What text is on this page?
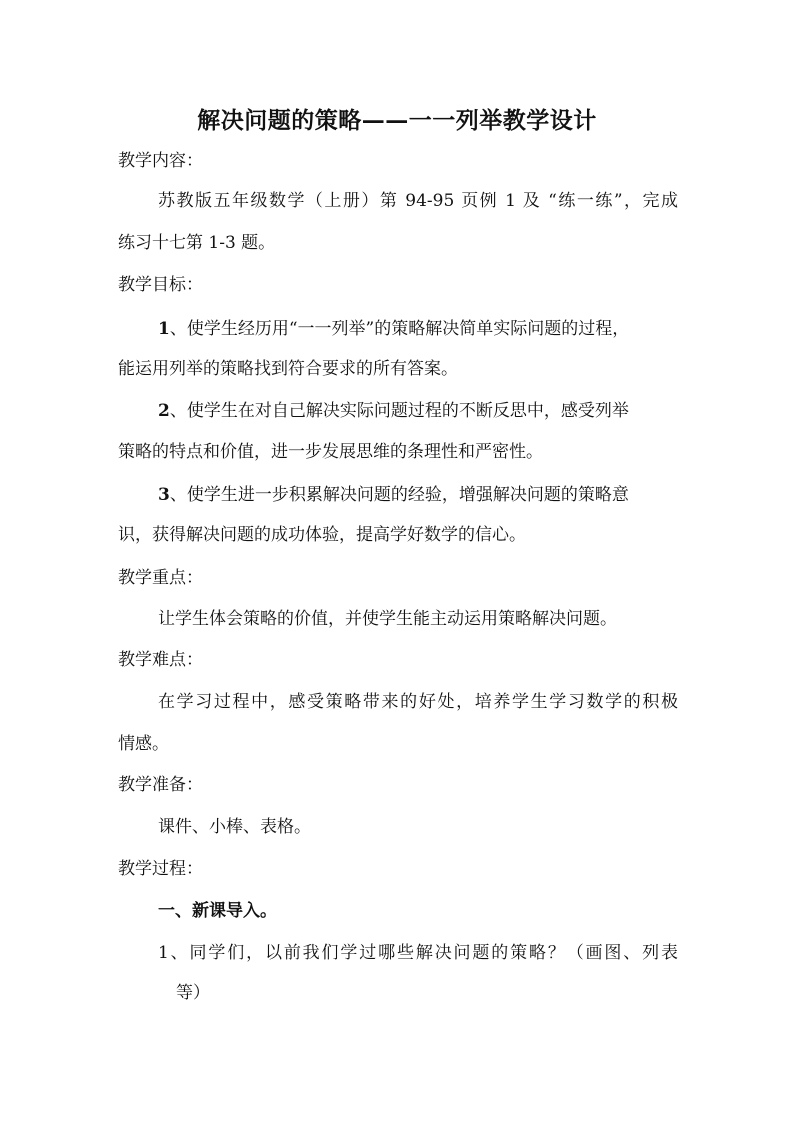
解决问题的策略——一一列举教学设计
教学内容：
苏教版五年级数学（上册）第 94-95 页例 1 及 “练一练”，完成
练习十七第 1-3 题。
教学目标：
1、使学生经历用“一一列举”的策略解决简单实际问题的过程，
能运用列举的策略找到符合要求的所有答案。
2、使学生在对自己解决实际问题过程的不断反思中，感受列举
策略的特点和价值，进一步发展思维的条理性和严密性。
3、使学生进一步积累解决问题的经验，增强解决问题的策略意
识，获得解决问题的成功体验，提高学好数学的信心。
教学重点：
让学生体会策略的价值，并使学生能主动运用策略解决问题。
教学难点：
在学习过程中，感受策略带来的好处，培养学生学习数学的积极
情感。
教学准备：
课件、小棒、表格。
教学过程：
一、新课导入。
1、同学们，以前我们学过哪些解决问题的策略？（画图、列表
等）
